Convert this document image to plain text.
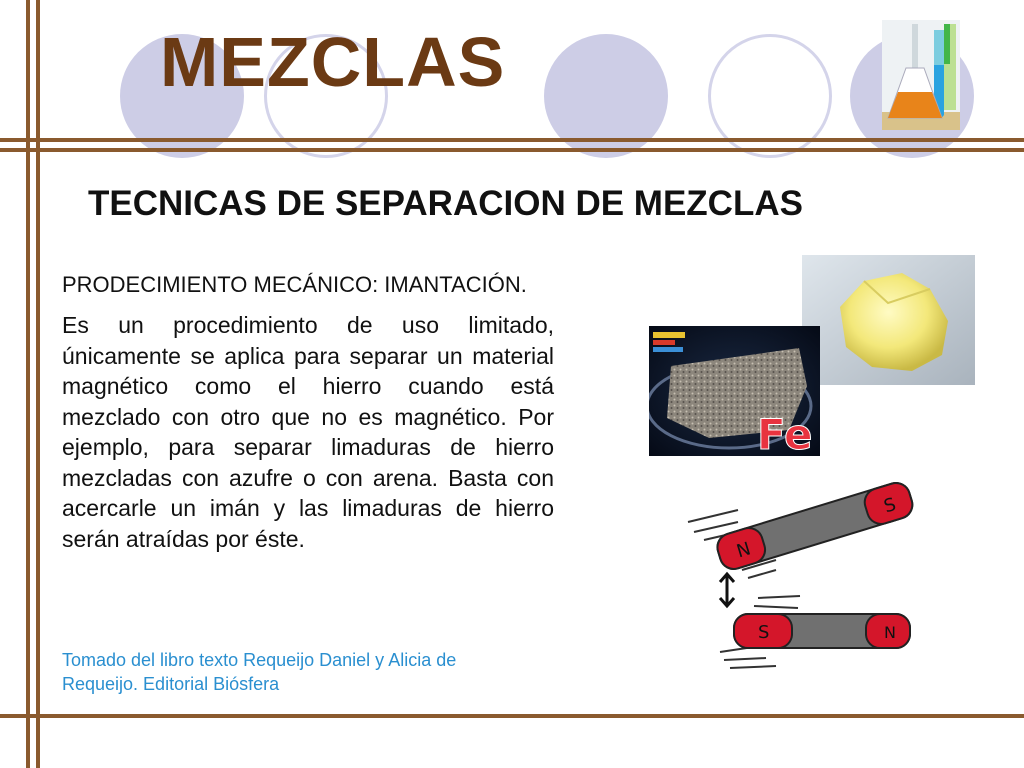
MEZCLAS
TECNICAS DE SEPARACION DE MEZCLAS
PRODECIMIENTO MECÁNICO: IMANTACIÓN.
Es un procedimiento de uso limitado, únicamente se aplica para separar un material magnético como el hierro cuando está mezclado con otro que no es magnético. Por ejemplo, para separar limaduras de hierro mezcladas con azufre o con arena. Basta con acercarle un imán y las limaduras de hierro serán atraídas por éste.
Tomado del libro texto Requeijo Daniel y Alicia de Requeijo. Editorial Biósfera
Fe
N
S
S	N
